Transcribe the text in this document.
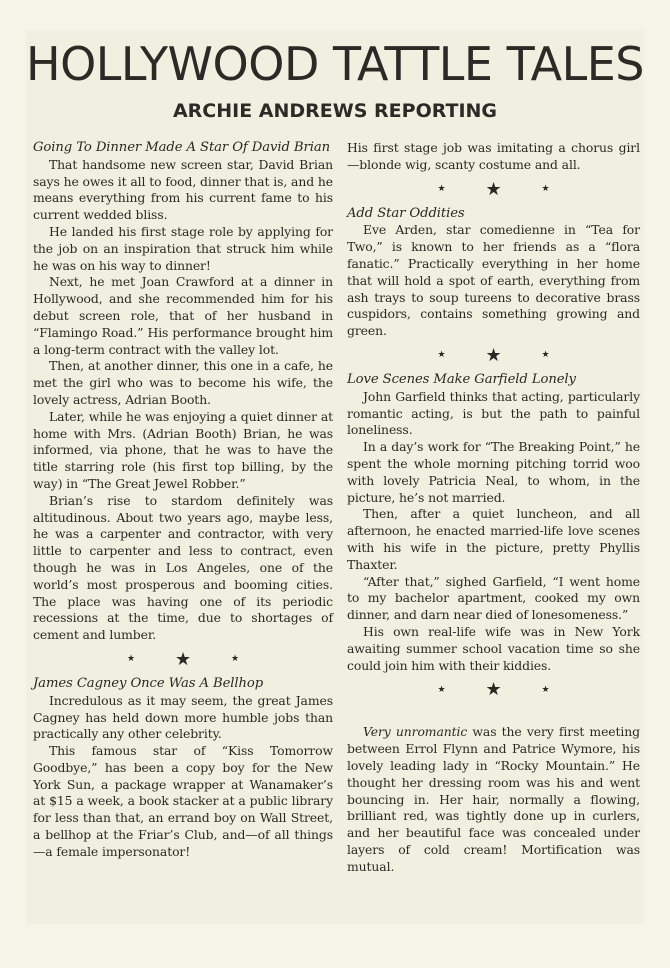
HOLLYWOOD TATTLE TALES
ARCHIE ANDREWS REPORTING
Going To Dinner Made A Star Of David Brian

That handsome new screen star, David Brian says he owes it all to food, dinner that is, and he means everything from his current fame to his current wedded bliss.

He landed his first stage role by applying for the job on an inspiration that struck him while he was on his way to dinner!

Next, he met Joan Crawford at a dinner in Hollywood, and she recommended him for his debut screen role, that of her husband in “Flamingo Road.” His performance brought him a long-term contract with the valley lot.

Then, at another dinner, this one in a cafe, he met the girl who was to become his wife, the lovely actress, Adrian Booth.

Later, while he was enjoying a quiet dinner at home with Mrs. (Adrian Booth) Brian, he was informed, via phone, that he was to have the title starring role (his first top billing, by the way) in “The Great Jewel Robber.”

Brian’s rise to stardom definitely was altitudinous. About two years ago, maybe less, he was a carpenter and contractor, with very little to carpenter and less to contract, even though he was in Los Angeles, one of the world’s most prosperous and booming cities. The place was having one of its periodic recessions at the time, due to shortages of cement and lumber.

★ ★	★
James Cagney Once Was A Bellhop

Incredulous as it may seem, the great James Cagney has held down more humble jobs than practically any other celebrity.

This famous star of “Kiss Tomorrow Goodbye,” has been a copy boy for the New York Sun, a package wrapper at Wanamaker’s at $15 a week, a book stacker at a public library for less than that, an errand boy on Wall Street, a bellhop at the Friar’s Club, and—of all things—a female impersonator!

His first stage job was imitating a chorus girl —blonde wig, scanty costume and all.

★ ★	★
Add Star Oddities

Eve Arden, star comedienne in “Tea for Two,” is known to her friends as a “flora fanatic.” Practically everything in her home that will hold a spot of earth, everything from ash trays to soup tureens to decorative brass cuspidors, contains something growing and green.

★ ★	★
Love Scenes Make Garfield Lonely

John Garfield thinks that acting, particularly romantic acting, is but the path to painful loneliness.

In a day’s work for “The Breaking Point,” he spent the whole morning pitching torrid woo with lovely Patricia Neal, to whom, in the picture, he’s not married.

Then, after a quiet luncheon, and all afternoon, he enacted married-life love scenes with his wife in the picture, pretty Phyllis Thaxter.

“After that,” sighed Garfield, “I went home to my bachelor apartment, cooked my own dinner, and darn near died of lonesomeness.”

His own real-life wife was in New York awaiting summer school vacation time so she could join him with their kiddies.

★ ★	★

Very unromantic was the very first meeting between Errol Flynn and Patrice Wymore, his lovely leading lady in “Rocky Mountain.” He thought her dressing room was his and went bouncing in. Her hair, normally a flowing, brilliant red, was tightly done up in curlers, and her beautiful face was concealed under layers of cold cream! Mortification was mutual.
